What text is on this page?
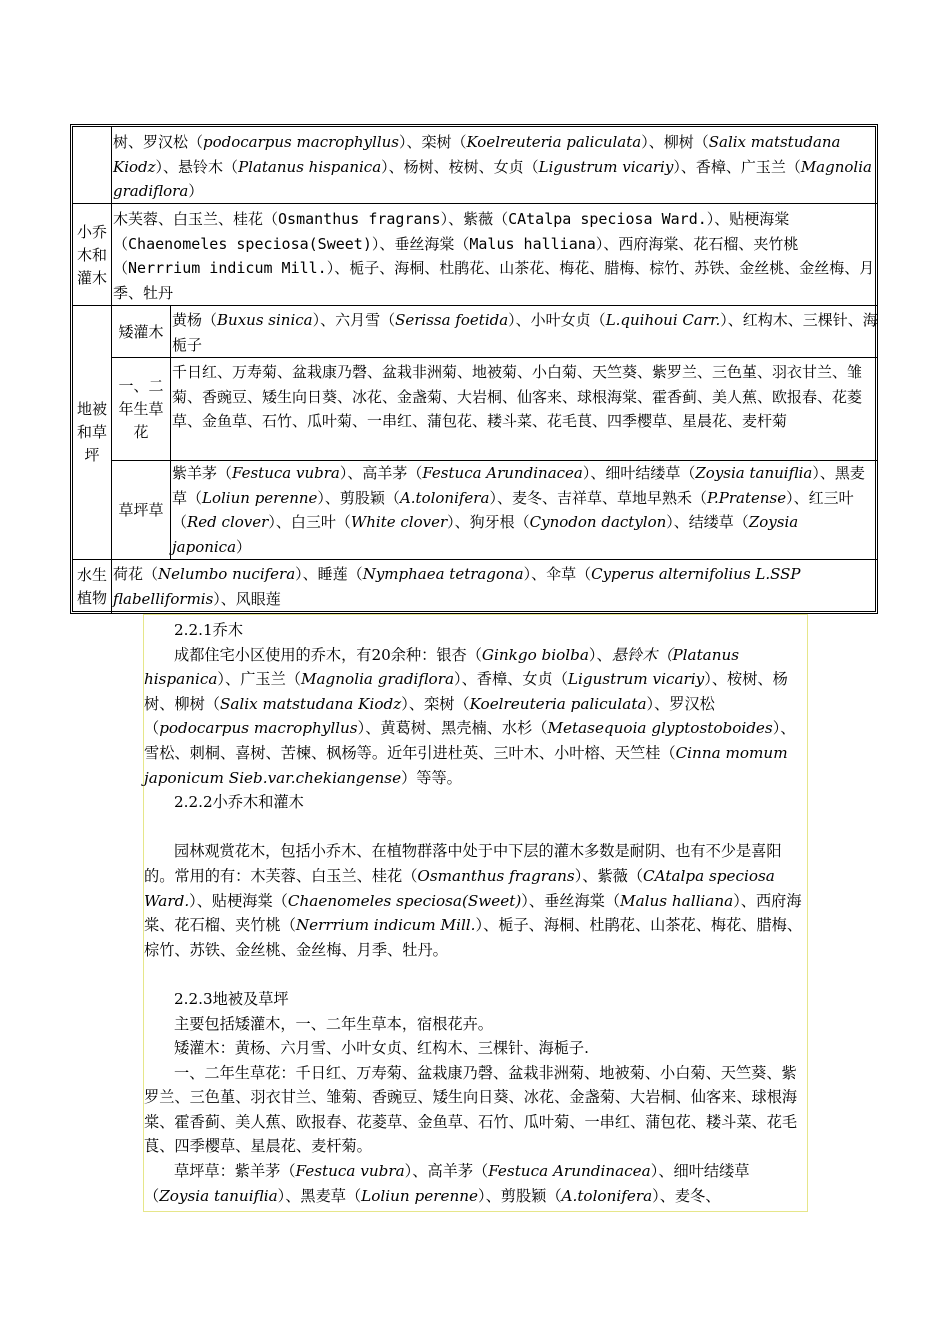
树、罗汉松（podocarpus macrophyllus）、栾树（Koelreuteria paliculata）、柳树（Salix matstudana Kiodz）、悬铃木（Platanus hispanica）、杨树、桉树、女贞（Ligustrum vicariy）、香樟、广玉兰（Magnolia gradiflora）
小乔木和灌木
木芙蓉、白玉兰、桂花（Osmanthus fragrans）、紫薇（CAtalpa speciosa Ward.）、贴梗海棠（Chaenomeles speciosa(Sweet)）、垂丝海棠（Malus halliana）、西府海棠、花石榴、夹竹桃（Nerrrium indicum Mill.）、栀子、海桐、杜鹃花、山茶花、梅花、腊梅、棕竹、苏铁、金丝桃、金丝梅、月季、牡丹
地被和草坪
矮灌木
黄杨（Buxus sinica）、六月雪（Serissa foetida）、小叶女贞（L.quihoui Carr.）、红构木、三棵针、海栀子
一、二年生草花
千日红、万寿菊、盆栽康乃磬、盆栽非洲菊、地被菊、小白菊、天竺葵、紫罗兰、三色堇、羽衣甘兰、雏菊、香豌豆、矮生向日葵、冰花、金盏菊、大岩桐、仙客来、球根海棠、霍香蓟、美人蕉、欧报春、花菱草、金鱼草、石竹、瓜叶菊、一串红、蒲包花、耧斗菜、花毛茛、四季樱草、星晨花、麦杆菊
草坪草
紫羊茅（Festuca vubra）、高羊茅（Festuca Arundinacea）、细叶结缕草（Zoysia tanuiflia）、黑麦草（Loliun perenne）、剪股颖（A.tolonifera）、麦冬、吉祥草、草地早熟禾（P.Pratense）、红三叶（Red clover）、白三叶（White clover）、狗牙根（Cynodon dactylon）、结缕草（Zoysia japonica）
水生植物
荷花（Nelumbo nucifera）、睡莲（Nymphaea tetragona）、伞草（Cyperus alternifolius L.SSP flabelliformis）、风眼莲

2.2.1乔木

成都住宅小区使用的乔木，有20余种：银杏（Ginkgo biolba）、悬铃木（Platanus hispanica）、广玉兰（Magnolia gradiflora）、香樟、女贞（Ligustrum vicariy）、桉树、杨树、柳树（Salix matstudana Kiodz）、栾树（Koelreuteria paliculata）、罗汉松（podocarpus macrophyllus）、黄葛树、黑壳楠、水杉（Metasequoia glyptostoboides）、雪松、刺桐、喜树、苦楝、枫杨等。近年引进杜英、三叶木、小叶榕、天竺桂（Cinna momum japonicum Sieb.var.chekiangense）等等。

2.2.2小乔木和灌木

园林观赏花木，包括小乔木、在植物群落中处于中下层的灌木多数是耐阴、也有不少是喜阳的。常用的有：木芙蓉、白玉兰、桂花（Osmanthus fragrans）、紫薇（CAtalpa speciosa Ward.）、贴梗海棠（Chaenomeles speciosa(Sweet)）、垂丝海棠（Malus halliana）、西府海棠、花石榴、夹竹桃（Nerrrium indicum Mill.）、栀子、海桐、杜鹃花、山茶花、梅花、腊梅、棕竹、苏铁、金丝桃、金丝梅、月季、牡丹。

2.2.3地被及草坪

主要包括矮灌木，一、二年生草本，宿根花卉。

矮灌木：黄杨、六月雪、小叶女贞、红构木、三棵针、海栀子.

一、二年生草花：千日红、万寿菊、盆栽康乃磬、盆栽非洲菊、地被菊、小白菊、天竺葵、紫罗兰、三色堇、羽衣甘兰、雏菊、香豌豆、矮生向日葵、冰花、金盏菊、大岩桐、仙客来、球根海棠、霍香蓟、美人蕉、欧报春、花菱草、金鱼草、石竹、瓜叶菊、一串红、蒲包花、耧斗菜、花毛茛、四季樱草、星晨花、麦杆菊。

草坪草：紫羊茅（Festuca vubra）、高羊茅（Festuca Arundinacea）、细叶结缕草（Zoysia tanuiflia）、黑麦草（Loliun perenne）、剪股颖（A.tolonifera）、麦冬、
